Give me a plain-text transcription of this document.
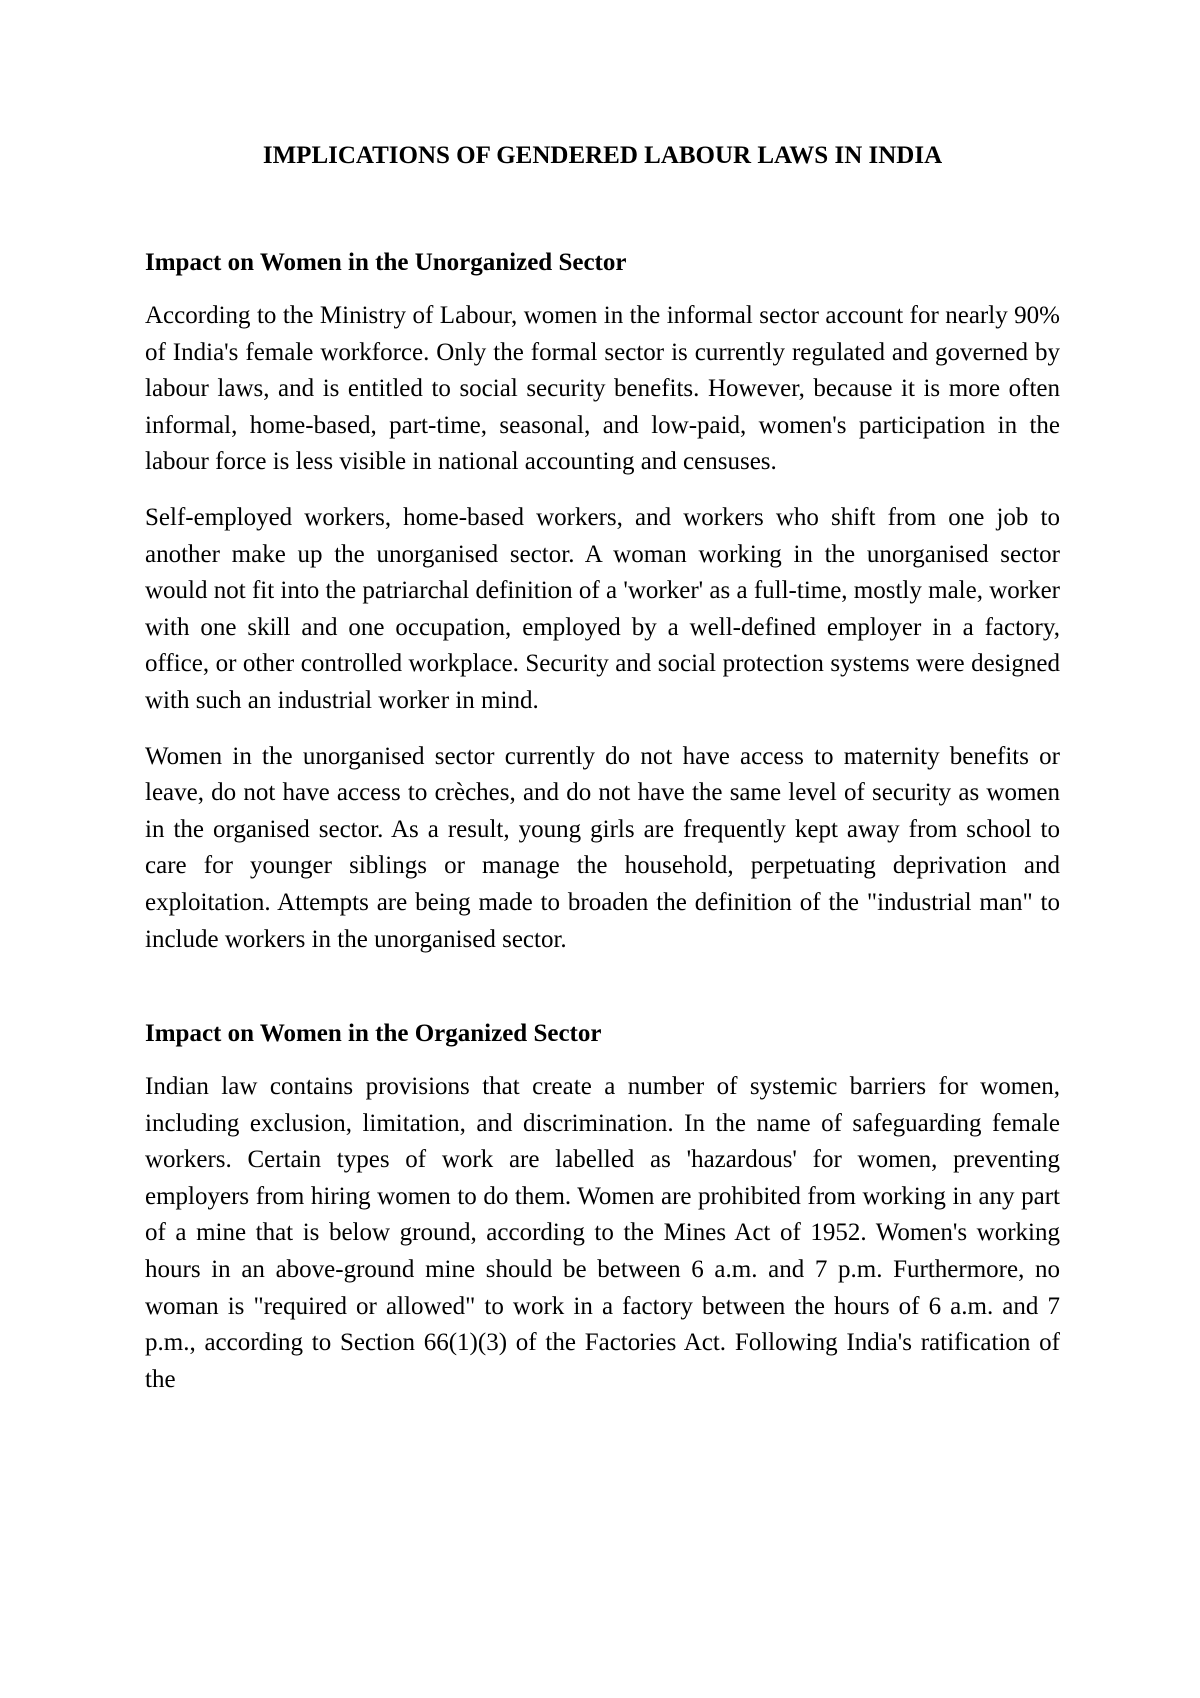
IMPLICATIONS OF GENDERED LABOUR LAWS IN INDIA
Impact on Women in the Unorganized Sector

According to the Ministry of Labour, women in the informal sector account for nearly 90% of India's female workforce. Only the formal sector is currently regulated and governed by labour laws, and is entitled to social security benefits. However, because it is more often informal, home-based, part-time, seasonal, and low-paid, women's participation in the labour force is less visible in national accounting and censuses.

Self-employed workers, home-based workers, and workers who shift from one job to another make up the unorganised sector. A woman working in the unorganised sector would not fit into the patriarchal definition of a 'worker' as a full-time, mostly male, worker with one skill and one occupation, employed by a well-defined employer in a factory, office, or other controlled workplace. Security and social protection systems were designed with such an industrial worker in mind.

Women in the unorganised sector currently do not have access to maternity benefits or leave, do not have access to crèches, and do not have the same level of security as women in the organised sector. As a result, young girls are frequently kept away from school to care for younger siblings or manage the household, perpetuating deprivation and exploitation. Attempts are being made to broaden the definition of the "industrial man" to include workers in the unorganised sector.

Impact on Women in the Organized Sector

Indian law contains provisions that create a number of systemic barriers for women, including exclusion, limitation, and discrimination. In the name of safeguarding female workers. Certain types of work are labelled as 'hazardous' for women, preventing employers from hiring women to do them. Women are prohibited from working in any part of a mine that is below ground, according to the Mines Act of 1952. Women's working hours in an above-ground mine should be between 6 a.m. and 7 p.m. Furthermore, no woman is "required or allowed" to work in a factory between the hours of 6 a.m. and 7 p.m., according to Section 66(1)(3) of the Factories Act. Following India's ratification of the
